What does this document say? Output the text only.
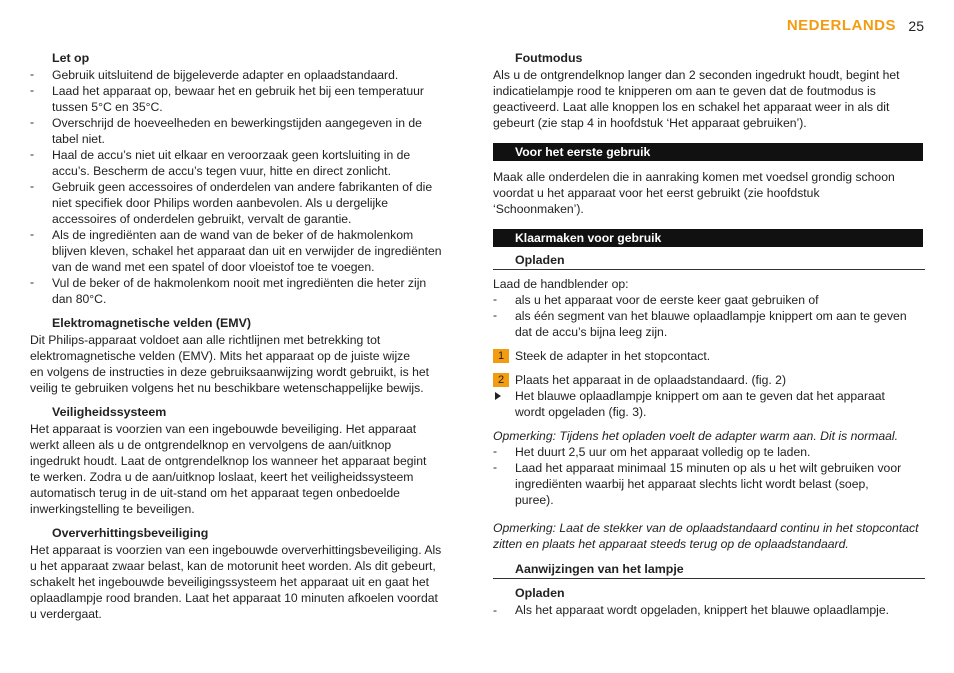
NEDERLANDS 25
Let op
- Gebruik uitsluitend de bijgeleverde adapter en oplaadstandaard.
- Laad het apparaat op, bewaar het en gebruik het bij een temperatuur
tussen 5°C en 35°C.
- Overschrijd de hoeveelheden en bewerkingstijden aangegeven in de
tabel niet.
- Haal de accu’s niet uit elkaar en veroorzaak geen kortsluiting in de
accu’s. Bescherm de accu’s tegen vuur, hitte en direct zonlicht.
- Gebruik geen accessoires of onderdelen van andere fabrikanten of die
niet specifiek door Philips worden aanbevolen. Als u dergelijke
accessoires of onderdelen gebruikt, vervalt de garantie.
- Als de ingrediënten aan de wand van de beker of de hakmolenkom
blijven kleven, schakel het apparaat dan uit en verwijder de ingrediënten
van de wand met een spatel of door vloeistof toe te voegen.
- Vul de beker of de hakmolenkom nooit met ingrediënten die heter zijn
dan 80°C.
Elektromagnetische velden (EMV)
Dit Philips-apparaat voldoet aan alle richtlijnen met betrekking tot
elektromagnetische velden (EMV). Mits het apparaat op de juiste wijze
en volgens de instructies in deze gebruiksaanwijzing wordt gebruikt, is het
veilig te gebruiken volgens het nu beschikbare wetenschappelijke bewijs.
Veiligheidssysteem
Het apparaat is voorzien van een ingebouwde beveiliging. Het apparaat
werkt alleen als u de ontgrendelknop en vervolgens de aan/uitknop
ingedrukt houdt. Laat de ontgrendelknop los wanneer het apparaat begint
te werken. Zodra u de aan/uitknop loslaat, keert het veiligheidssysteem
automatisch terug in de uit-stand om het apparaat tegen onbedoelde
inwerkingstelling te beveiligen.
Oververhittingsbeveiliging
Het apparaat is voorzien van een ingebouwde oververhittingsbeveiliging. Als
u het apparaat zwaar belast, kan de motorunit heet worden. Als dit gebeurt,
schakelt het ingebouwde beveiligingssysteem het apparaat uit en gaat het
oplaadlampje rood branden. Laat het apparaat 10 minuten afkoelen voordat
u verdergaat.
Foutmodus
Als u de ontgrendelknop langer dan 2 seconden ingedrukt houdt, begint het
indicatielampje rood te knipperen om aan te geven dat de foutmodus is
geactiveerd. Laat alle knoppen los en schakel het apparaat weer in als dit
gebeurt (zie stap 4 in hoofdstuk ‘Het apparaat gebruiken’).
Voor het eerste gebruik
Maak alle onderdelen die in aanraking komen met voedsel grondig schoon
voordat u het apparaat voor het eerst gebruikt (zie hoofdstuk
‘Schoonmaken’).
Klaarmaken voor gebruik
Opladen
Laad de handblender op:
- als u het apparaat voor de eerste keer gaat gebruiken of
- als één segment van het blauwe oplaadlampje knippert om aan te geven
dat de accu’s bijna leeg zijn.
1 Steek de adapter in het stopcontact.
2 Plaats het apparaat in de oplaadstandaard. (fig. 2)
Het blauwe oplaadlampje knippert om aan te geven dat het apparaat
wordt opgeladen (fig. 3).
Opmerking: Tijdens het opladen voelt de adapter warm aan. Dit is normaal.
- Het duurt 2,5 uur om het apparaat volledig op te laden.
- Laad het apparaat minimaal 15 minuten op als u het wilt gebruiken voor
ingrediënten waarbij het apparaat slechts licht wordt belast (soep,
puree).
Opmerking: Laat de stekker van de oplaadstandaard continu in het stopcontact
zitten en plaats het apparaat steeds terug op de oplaadstandaard.
Aanwijzingen van het lampje
Opladen
- Als het apparaat wordt opgeladen, knippert het blauwe oplaadlampje.
